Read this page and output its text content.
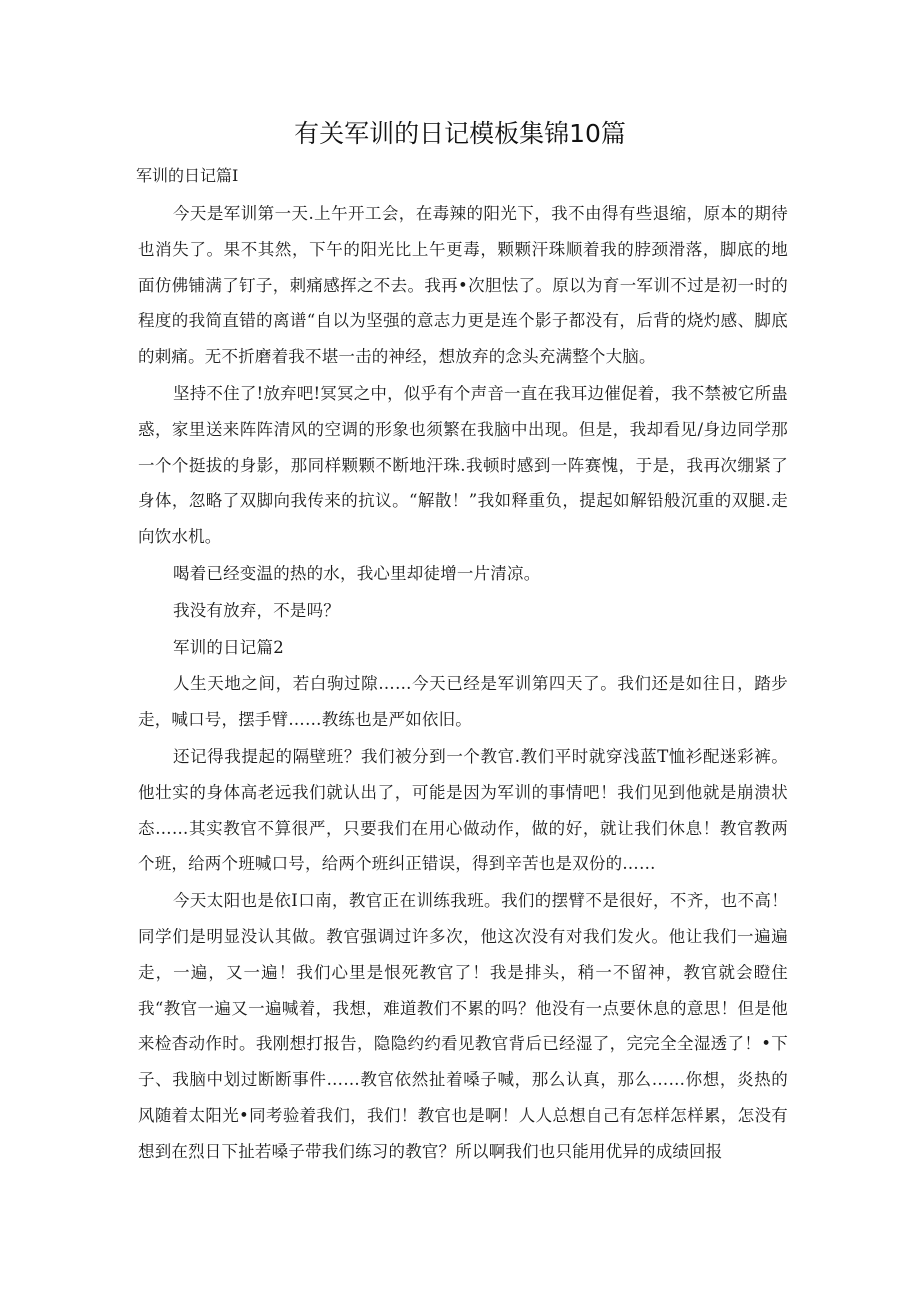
有关军训的日记模板集锦10篇

军训的日记篇I

今天是军训第一天.上午开工会，在毒辣的阳光下，我不由得有些退缩，原本的期待也消失了。果不其然，下午的阳光比上午更毒，颗颗汗珠顺着我的脖颈滑落，脚底的地面仿佛铺满了钉子，刺痛感挥之不去。我再•次胆怯了。原以为育一军训不过是初一时的程度的我简直错的离谱“自以为坚强的意志力更是连个影子都没有，后背的烧灼感、脚底的刺痛。无不折磨着我不堪一击的神经，想放弃的念头充满整个大脑。

坚持不住了!放弃吧!冥冥之中，似乎有个声音一直在我耳边催促着，我不禁被它所蛊惑，家里送来阵阵清风的空调的形象也须繁在我脑中出现。但是，我却看见/身边同学那一个个挺拔的身影，那同样颗颗不断地汗珠.我顿时感到一阵赛愧，于是，我再次绷紧了身体，忽略了双脚向我传来的抗议。“解散！”我如释重负，提起如解铅般沉重的双腿.走向饮水机。

喝着已经变温的热的水，我心里却徒增一片清凉。

我没有放弃，不是吗？

军训的日记篇2

人生天地之间，若白驹过隙……今天已经是军训第四天了。我们还是如往日，踏步走，喊口号，摆手臂……教练也是严如依旧。

还记得我提起的隔壁班？我们被分到一个教官.教们平时就穿浅蓝T恤衫配迷彩裤。他壮实的身体高老远我们就认出了，可能是因为军训的事情吧！我们见到他就是崩溃状态……其实教官不算很严，只要我们在用心做动作，做的好，就让我们休息！教官教两个班，给两个班喊口号，给两个班纠正错误，得到辛苦也是双份的……

今天太阳也是依I口南，教官正在训练我班。我们的摆臂不是很好，不齐，也不高！同学们是明显没认其做。教官强调过许多次，他这次没有对我们发火。他让我们一遍遍走，一遍，又一遍！我们心里是恨死教官了！我是排头，稍一不留神，教官就会瞪住我“教官一遍又一遍喊着，我想，难道教们不累的吗？他没有一点要休息的意思！但是他来检杳动作时。我刚想打报告，隐隐约约看见教官背后已经湿了，完完全全湿透了！•下子、我脑中划过断断事件……教官依然扯着嗓子喊，那么认真，那么……你想，炎热的风随着太阳光•同考验着我们，我们！教官也是啊！人人总想自己有怎样怎样累，怎没有想到在烈日下扯若嗓子带我们练习的教官？所以啊我们也只能用优异的成绩回报
